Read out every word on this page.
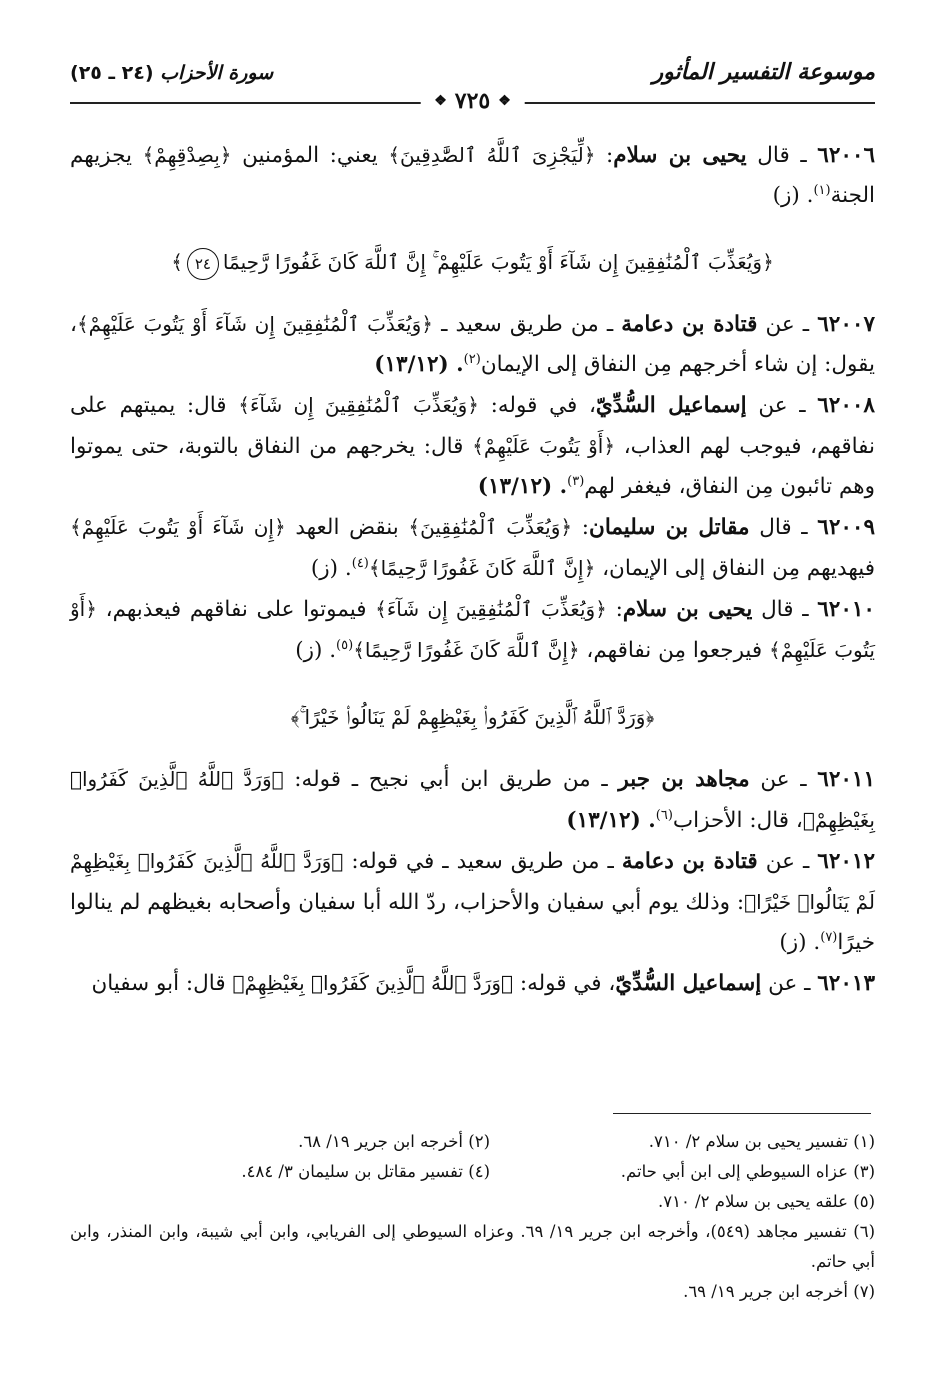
موسوعة التفسير المأثور
سورة الأحزاب (٢٤ ـ ٢٥)
❖
٧٢٥
❖

٦٢٠٠٦ ـ قال يحيى بن سلام: ﴿لِّيَجْزِىَ ٱللَّهُ ٱلصَّٰدِقِينَ﴾ يعني: المؤمنين ﴿بِصِدْقِهِمْ﴾ يجزيهم الجنة$^{(١)}$. (ز)

﴿وَيُعَذِّبَ ٱلْمُنَٰفِقِينَ إِن شَآءَ أَوْ يَتُوبَ عَلَيْهِمْ ۚ إِنَّ ٱللَّهَ كَانَ غَفُورًا رَّحِيمًا٢٤﴾

٦٢٠٠٧ ـ عن قتادة بن دعامة ـ من طريق سعيد ـ ﴿وَيُعَذِّبَ ٱلْمُنَٰفِقِينَ إِن شَآءَ أَوْ يَتُوبَ عَلَيْهِمْ﴾، يقول: إن شاء أخرجهم مِن النفاق إلى الإيمان$^{(٢)}$. (١٣/١٢)

٦٢٠٠٨ ـ عن إسماعيل السُّدِّيّ، في قوله: ﴿وَيُعَذِّبَ ٱلْمُنَٰفِقِينَ إِن شَآءَ﴾ قال: يميتهم على نفاقهم، فيوجب لهم العذاب، ﴿أَوْ يَتُوبَ عَلَيْهِمْ﴾ قال: يخرجهم من النفاق بالتوبة، حتى يموتوا وهم تائبون مِن النفاق، فيغفر لهم$^{(٣)}$. (١٣/١٢)

٦٢٠٠٩ ـ قال مقاتل بن سليمان: ﴿وَيُعَذِّبَ ٱلْمُنَٰفِقِينَ﴾ بنقض العهد ﴿إِن شَآءَ أَوْ يَتُوبَ عَلَيْهِمْ﴾ فيهديهم مِن النفاق إلى الإيمان، ﴿إِنَّ ٱللَّهَ كَانَ غَفُورًا رَّحِيمًا﴾$^{(٤)}$. (ز)

٦٢٠١٠ ـ قال يحيى بن سلام: ﴿وَيُعَذِّبَ ٱلْمُنَٰفِقِينَ إِن شَآءَ﴾ فيموتوا على نفاقهم فيعذبهم، ﴿أَوْ يَتُوبَ عَلَيْهِمْ﴾ فيرجعوا مِن نفاقهم، ﴿إِنَّ ٱللَّهَ كَانَ غَفُورًا رَّحِيمًا﴾$^{(٥)}$. (ز)

﴿وَرَدَّ ٱللَّهُ ٱلَّذِينَ كَفَرُوا۟ بِغَيْظِهِمْ لَمْ يَنَالُوا۟ خَيْرًا ۚ﴾

٦٢٠١١ ـ عن مجاهد بن جبر ـ من طريق ابن أبي نجيح ـ قوله: ﴿وَرَدَّ ٱللَّهُ ٱلَّذِينَ كَفَرُوا۟ بِغَيْظِهِمْ﴾، قال: الأحزاب$^{(٦)}$. (١٣/١٢)

٦٢٠١٢ ـ عن قتادة بن دعامة ـ من طريق سعيد ـ في قوله: ﴿وَرَدَّ ٱللَّهُ ٱلَّذِينَ كَفَرُوا۟ بِغَيْظِهِمْ لَمْ يَنَالُوا۟ خَيْرًا﴾: وذلك يوم أبي سفيان والأحزاب، ردّ الله أبا سفيان وأصحابه بغيظهم لم ينالوا خيرًا$^{(٧)}$. (ز)

٦٢٠١٣ ـ عن إسماعيل السُّدِّيّ، في قوله: ﴿وَرَدَّ ٱللَّهُ ٱلَّذِينَ كَفَرُوا۟ بِغَيْظِهِمْ﴾ قال: أبو سفيان

(١) تفسير يحيى بن سلام ٢/ ٧١٠.
(٢) أخرجه ابن جرير ١٩/ ٦٨.
(٣) عزاه السيوطي إلى ابن أبي حاتم.
(٤) تفسير مقاتل بن سليمان ٣/ ٤٨٤.
(٥) علقه يحيى بن سلام ٢/ ٧١٠.
(٦) تفسير مجاهد (٥٤٩)، وأخرجه ابن جرير ١٩/ ٦٩. وعزاه السيوطي إلى الفريابي، وابن أبي شيبة، وابن المنذر، وابن أبي حاتم.
(٧) أخرجه ابن جرير ١٩/ ٦٩.
